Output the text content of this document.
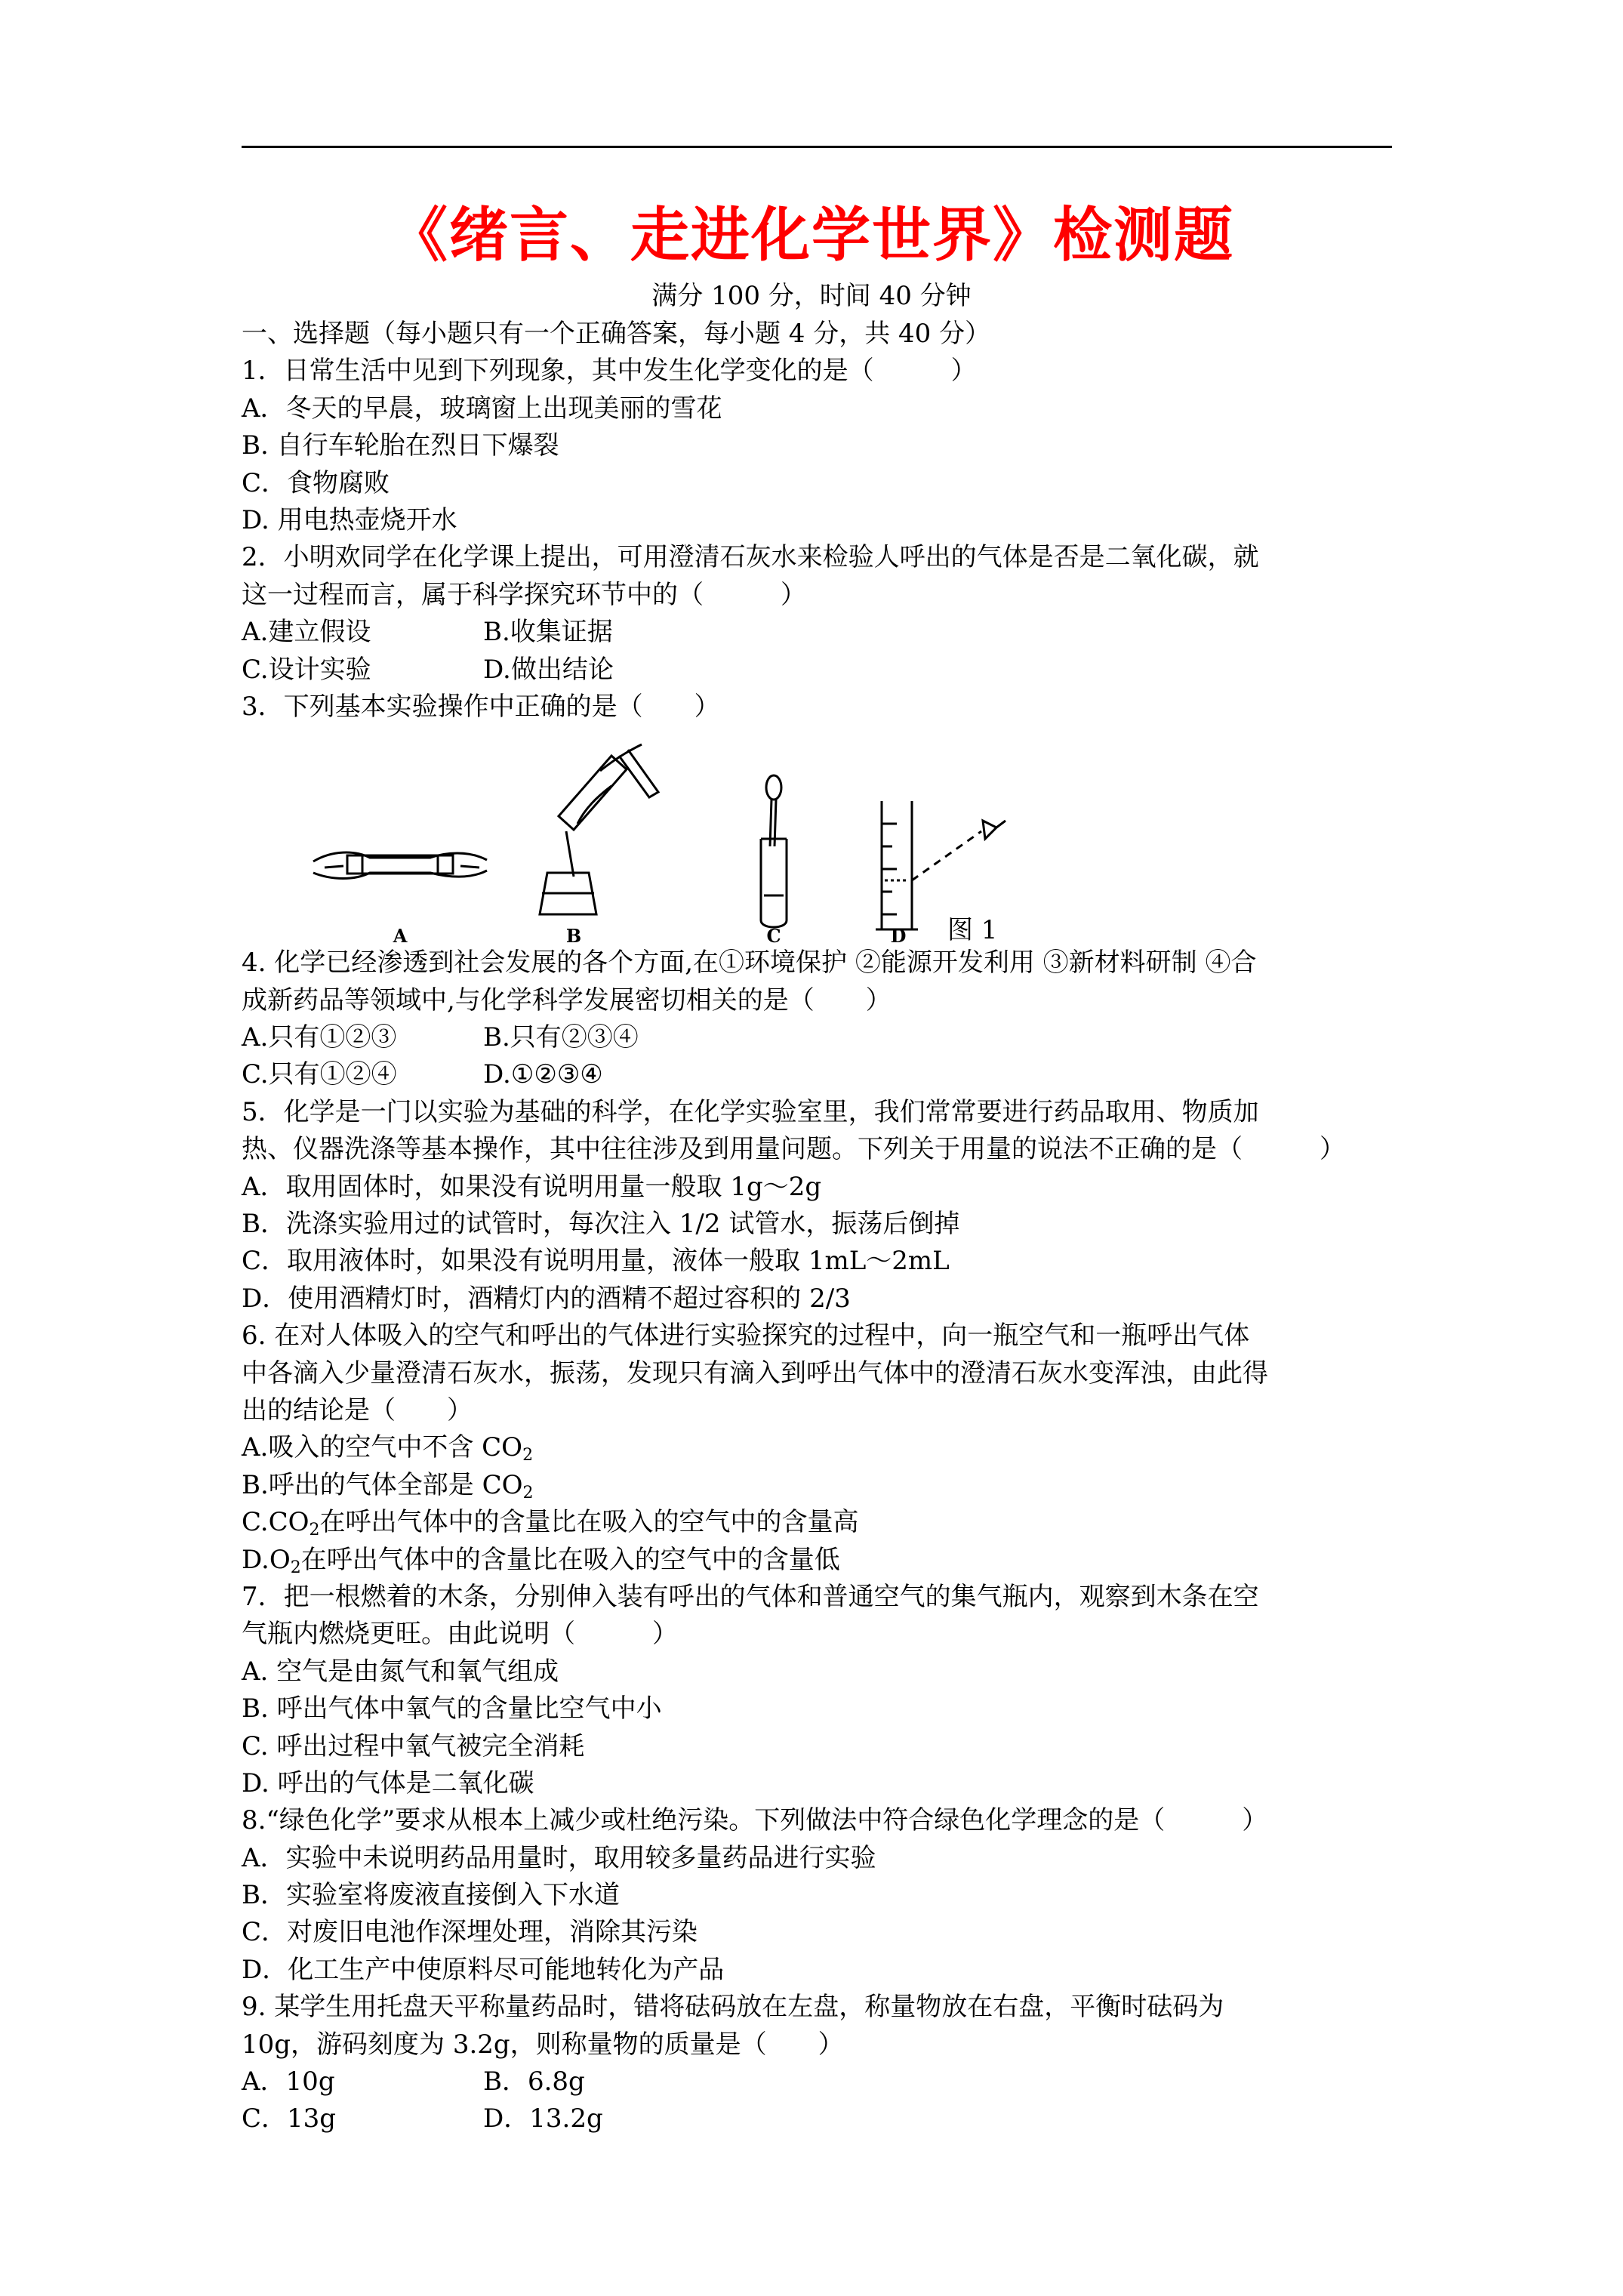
《绪言、走进化学世界》检测题
满分 100 分，时间 40 分钟
一、选择题（每小题只有一个正确答案，每小题 4 分，共 40 分）
1．日常生活中见到下列现象，其中发生化学变化的是（　　　）
A．冬天的早晨，玻璃窗上出现美丽的雪花
B. 自行车轮胎在烈日下爆裂
C．食物腐败
D. 用电热壶烧开水
2．小明欢同学在化学课上提出，可用澄清石灰水来检验人呼出的气体是否是二氧化碳，就
这一过程而言，属于科学探究环节中的（　　　）
A.建立假设	B.收集证据
C.设计实验	D.做出结论
3．下列基本实验操作中正确的是（　　）
A	B	C	D 图 1
4. 化学已经渗透到社会发展的各个方面,在①环境保护 ②能源开发利用 ③新材料研制 ④合
成新药品等领域中,与化学科学发展密切相关的是（　　）
A.只有①②③	B.只有②③④
C.只有①②④	D.①②③④
5．化学是一门以实验为基础的科学，在化学实验室里，我们常常要进行药品取用、物质加
热、仪器洗涤等基本操作，其中往往涉及到用量问题。下列关于用量的说法不正确的是（　　　）
A．取用固体时，如果没有说明用量一般取 1g～2g
B．洗涤实验用过的试管时，每次注入 1/2 试管水，振荡后倒掉
C．取用液体时，如果没有说明用量，液体一般取 1mL～2mL
D．使用酒精灯时，酒精灯内的酒精不超过容积的 2/3
6. 在对人体吸入的空气和呼出的气体进行实验探究的过程中，向一瓶空气和一瓶呼出气体
中各滴入少量澄清石灰水，振荡，发现只有滴入到呼出气体中的澄清石灰水变浑浊，由此得
出的结论是（　　）
A.吸入的空气中不含 $CO_2$
B.呼出的气体全部是 $CO_2$
$C.CO_2$在呼出气体中的含量比在吸入的空气中的含量高
$D.O_2$在呼出气体中的含量比在吸入的空气中的含量低
7．把一根燃着的木条，分别伸入装有呼出的气体和普通空气的集气瓶内，观察到木条在空
气瓶内燃烧更旺。由此说明（　　　）
A. 空气是由氮气和氧气组成
B. 呼出气体中氧气的含量比空气中小
C. 呼出过程中氧气被完全消耗
D. 呼出的气体是二氧化碳
8.“绿色化学”要求从根本上减少或杜绝污染。下列做法中符合绿色化学理念的是（　　　）
A．实验中未说明药品用量时，取用较多量药品进行实验
B．实验室将废液直接倒入下水道
C．对废旧电池作深埋处理，消除其污染
D．化工生产中使原料尽可能地转化为产品
9. 某学生用托盘天平称量药品时，错将砝码放在左盘，称量物放在右盘，平衡时砝码为
10g，游码刻度为 3.2g，则称量物的质量是（　　）
A．10g	B．6.8g
C．13g	D．13.2g
